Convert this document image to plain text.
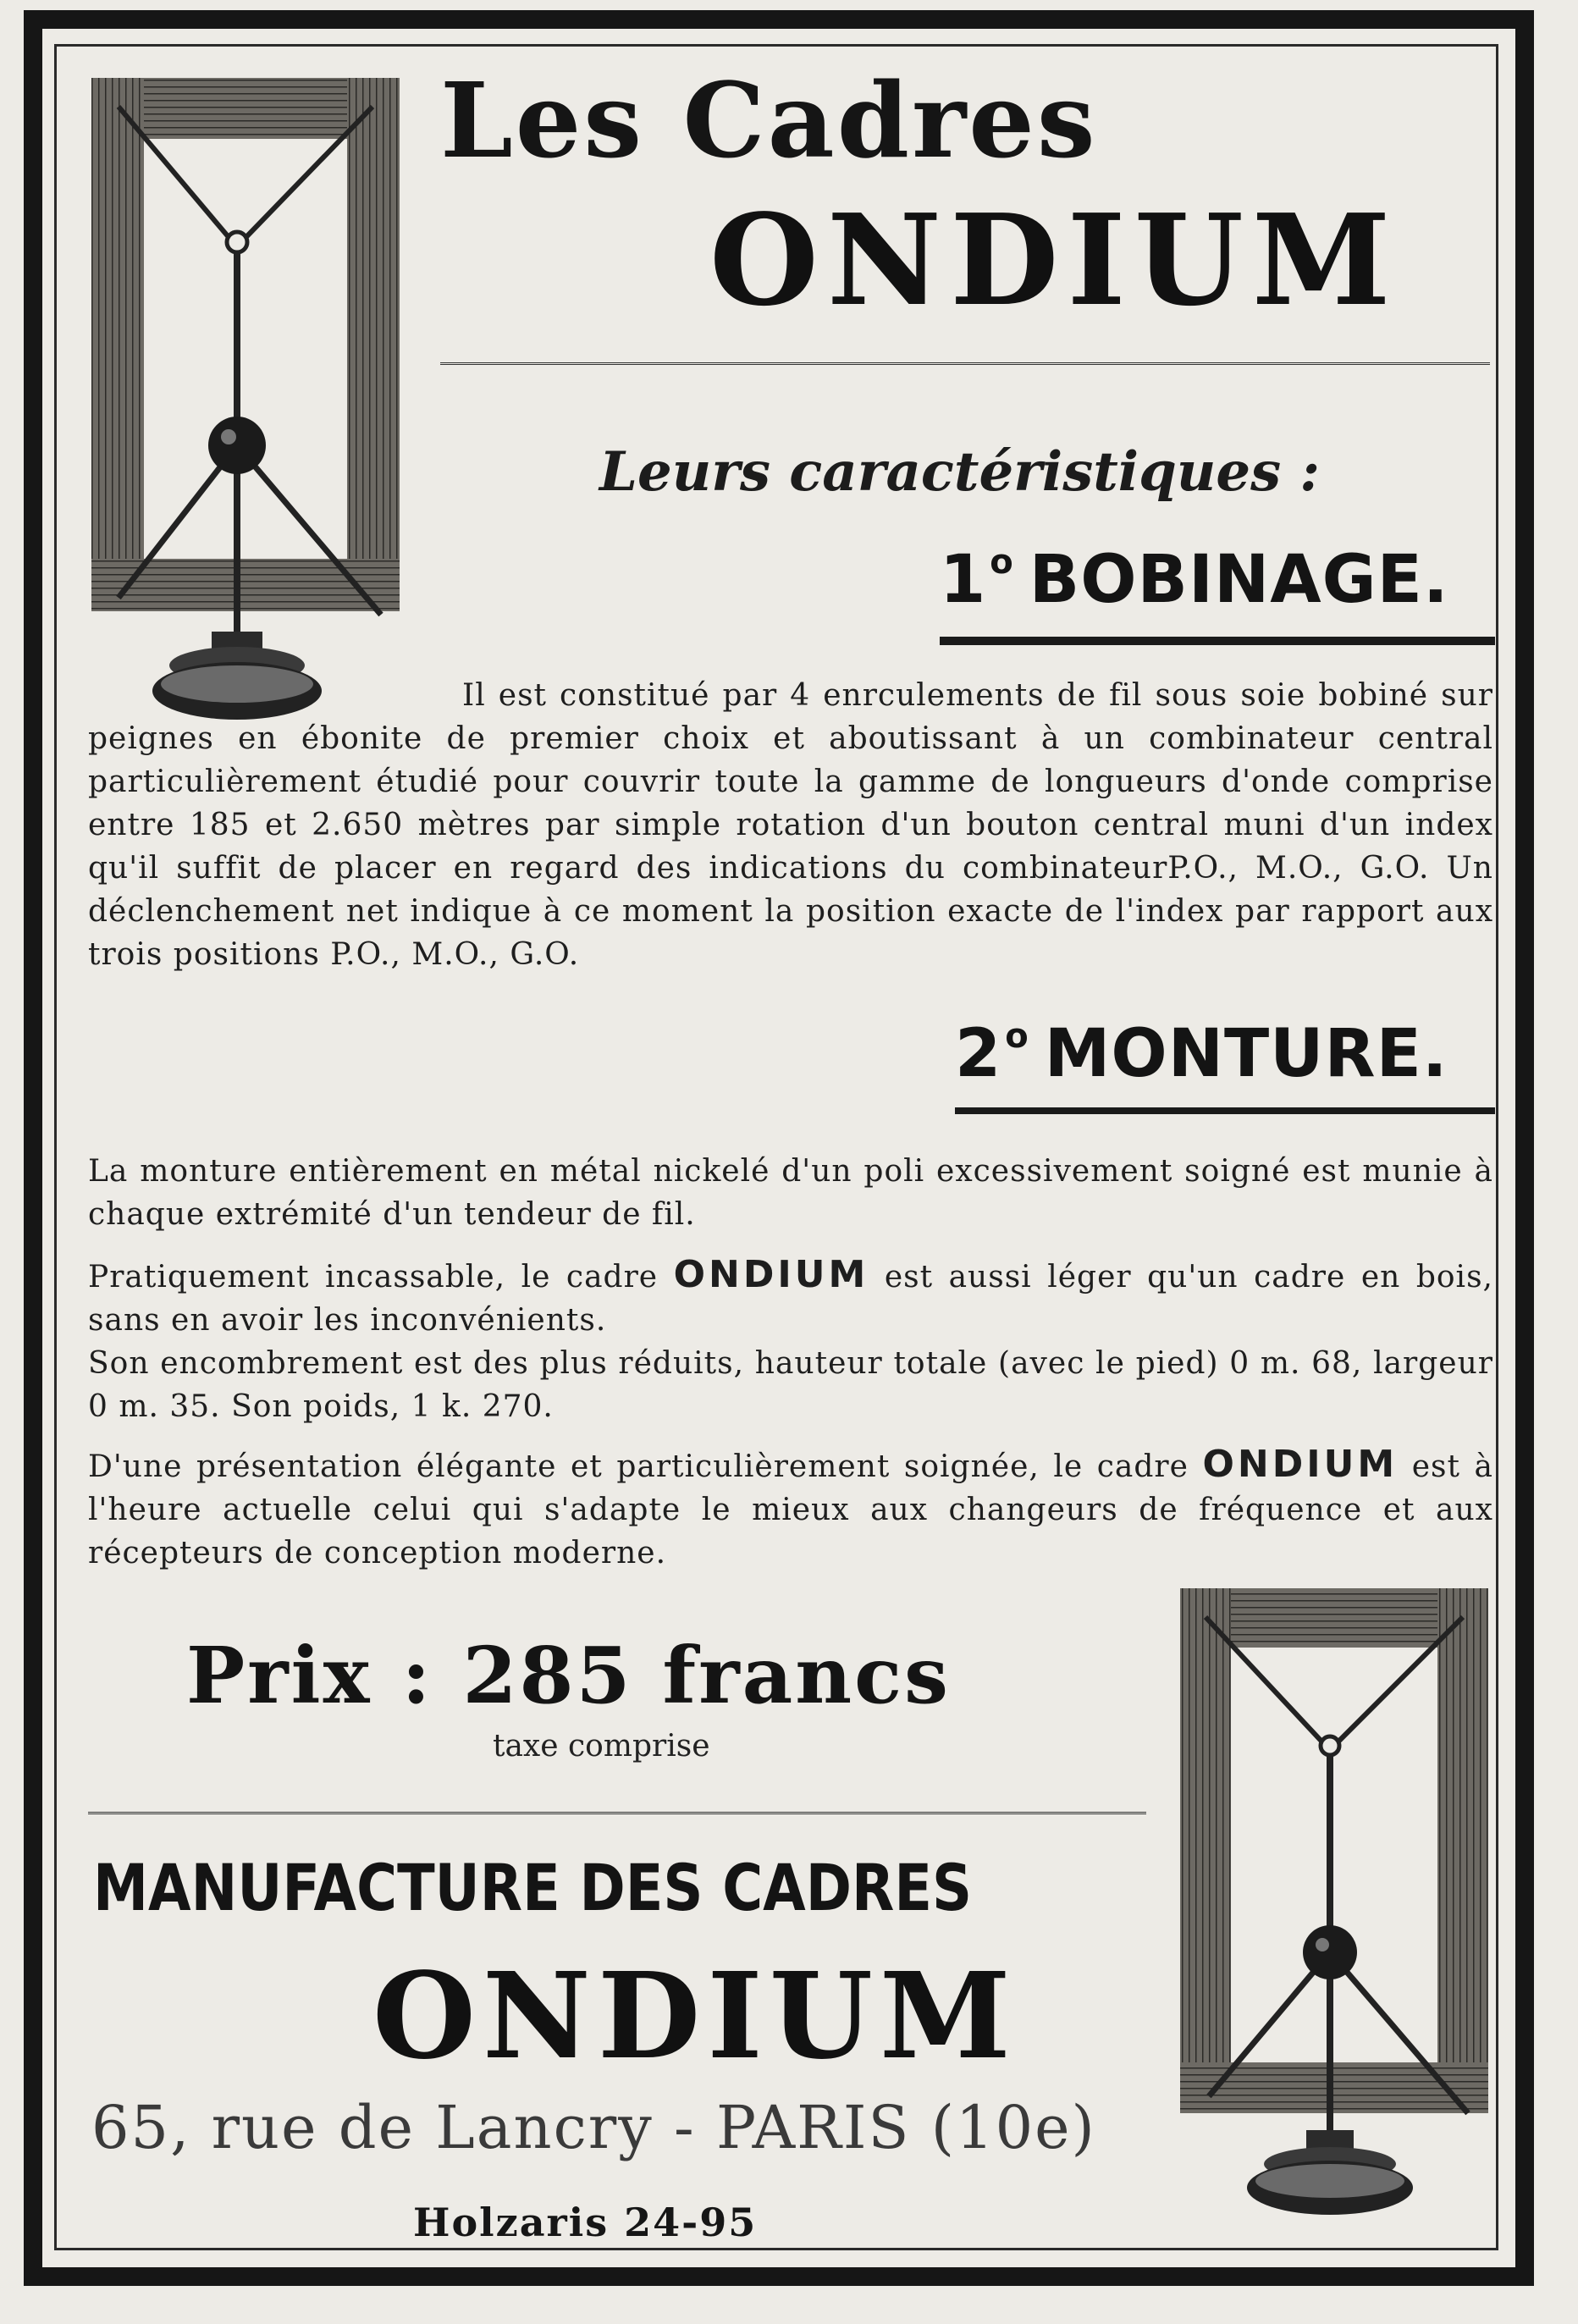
Les Cadres
ONDIUM
Leurs caractéristiques :
1 $^o$ BOBINAGE.
Il est constitué par 4 enrculements de fil sous soie bobiné sur peignes en ébonite de premier choix et aboutissant à un combinateur central particulièrement étudié pour couvrir toute la gamme de longueurs d'onde comprise entre 185 et 2.650 mètres par simple rotation d'un bouton central muni d'un index qu'il suffit de placer en regard des indications du combinateurP.O., M.O., G.O. Un déclenchement net indique à ce moment la position exacte de l'index par rapport aux trois positions P.O., M.O., G.O.
2 $^o$ MONTURE.
La monture entièrement en métal nickelé d'un poli excessivement soigné est munie à chaque extrémité d'un tendeur de fil.
Pratiquement incassable, le cadre ONDIUM est aussi léger qu'un cadre en bois, sans en avoir les inconvénients.
Son encombrement est des plus réduits, hauteur totale (avec le pied) 0 m. 68, largeur 0 m. 35. Son poids, 1 k. 270.
D'une présentation élégante et particulièrement soignée, le cadre ONDIUM est à l'heure actuelle celui qui s'adapte le mieux aux changeurs de fréquence et aux récepteurs de conception moderne.
Prix : 285 francs
taxe comprise
MANUFACTURE DES CADRES
ONDIUM
65, rue de Lancry - PARIS (10e)
Holzaris 24-95
